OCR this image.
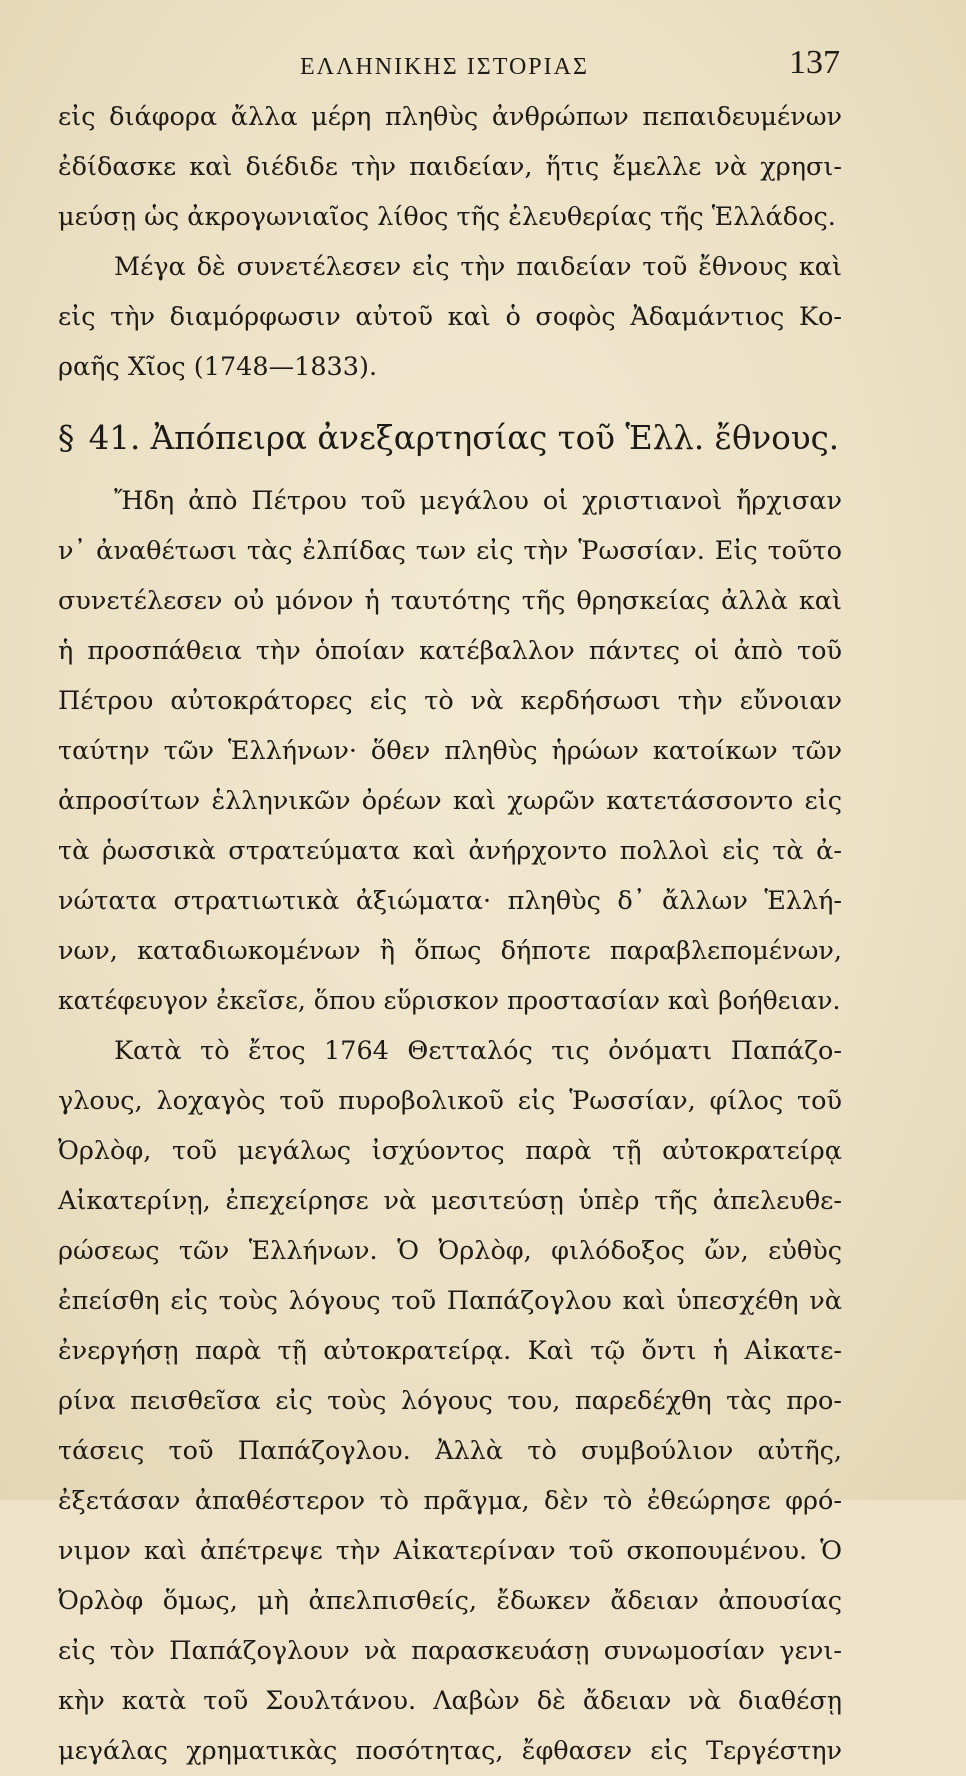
ΕΛΛΗΝΙΚΗΣ ΙΣΤΟΡΙΑΣ	137
εἰς διάφορα ἄλλα μέρη πληθὺς ἀνθρώπων πεπαιδευμένων
ἐδίδασκε καὶ διέδιδε τὴν παιδείαν, ἥτις ἔμελλε νὰ χρησι-
μεύσῃ ὡς ἀκρογωνιαῖος λίθος τῆς ἐλευθερίας τῆς Ἑλλάδος.
Μέγα δὲ συνετέλεσεν εἰς τὴν παιδείαν τοῦ ἔθνους καὶ
εἰς τὴν διαμόρφωσιν αὐτοῦ καὶ ὁ σοφὸς Ἀδαμάντιος Κο-
ραῆς Χῖος (1748—1833).
§ 41. Ἀπόπειρα ἀνεξαρτησίας τοῦ Ἑλλ. ἔθνους.
Ἤδη ἀπὸ Πέτρου τοῦ μεγάλου οἱ χριστιανοὶ ἤρχισαν
ν᾿ ἀναθέτωσι τὰς ἐλπίδας των εἰς τὴν Ῥωσσίαν. Εἰς τοῦτο
συνετέλεσεν οὐ μόνον ἡ ταυτότης τῆς θρησκείας ἀλλὰ καὶ
ἡ προσπάθεια τὴν ὁποίαν κατέβαλλον πάντες οἱ ἀπὸ τοῦ
Πέτρου αὐτοκράτορες εἰς τὸ νὰ κερδήσωσι τὴν εὔνοιαν
ταύτην τῶν Ἑλλήνων· ὅθεν πληθὺς ἡρώων κατοίκων τῶν
ἀπροσίτων ἑλληνικῶν ὀρέων καὶ χωρῶν κατετάσσοντο εἰς
τὰ ῥωσσικὰ στρατεύματα καὶ ἀνήρχοντο πολλοὶ εἰς τὰ ἀ-
νώτατα στρατιωτικὰ ἀξιώματα· πληθὺς δ᾿ ἄλλων Ἑλλή-
νων, καταδιωκομένων ἢ ὅπως δήποτε παραβλεπομένων,
κατέφευγον ἐκεῖσε, ὅπου εὕρισκον προστασίαν καὶ βοήθειαν.
Κατὰ τὸ ἔτος 1764 Θετταλός τις ὀνόματι Παπάζο-
γλους, λοχαγὸς τοῦ πυροβολικοῦ εἰς Ῥωσσίαν, φίλος τοῦ
Ὀρλὸφ, τοῦ μεγάλως ἰσχύοντος παρὰ τῇ αὐτοκρατείρᾳ
Αἰκατερίνῃ, ἐπεχείρησε νὰ μεσιτεύσῃ ὑπὲρ τῆς ἀπελευθε-
ρώσεως τῶν Ἑλλήνων. Ὁ Ὀρλὸφ, φιλόδοξος ὤν, εὐθὺς
ἐπείσθη εἰς τοὺς λόγους τοῦ Παπάζογλου καὶ ὑπεσχέθη νὰ
ἐνεργήσῃ παρὰ τῇ αὐτοκρατείρᾳ. Καὶ τῷ ὄντι ἡ Αἰκατε-
ρίνα πεισθεῖσα εἰς τοὺς λόγους του, παρεδέχθη τὰς προ-
τάσεις τοῦ Παπάζογλου. Ἀλλὰ τὸ συμβούλιον αὐτῆς,
ἐξετάσαν ἀπαθέστερον τὸ πρᾶγμα, δὲν τὸ ἐθεώρησε φρό-
νιμον καὶ ἀπέτρεψε τὴν Αἰκατερίναν τοῦ σκοπουμένου. Ὁ
Ὀρλὸφ ὅμως, μὴ ἀπελπισθείς, ἔδωκεν ἄδειαν ἀπουσίας
εἰς τὸν Παπάζογλουν νὰ παρασκευάσῃ συνωμοσίαν γενι-
κὴν κατὰ τοῦ Σουλτάνου. Λαβὼν δὲ ἄδειαν νὰ διαθέσῃ
μεγάλας χρηματικὰς ποσότητας, ἔφθασεν εἰς Τεργέστην
